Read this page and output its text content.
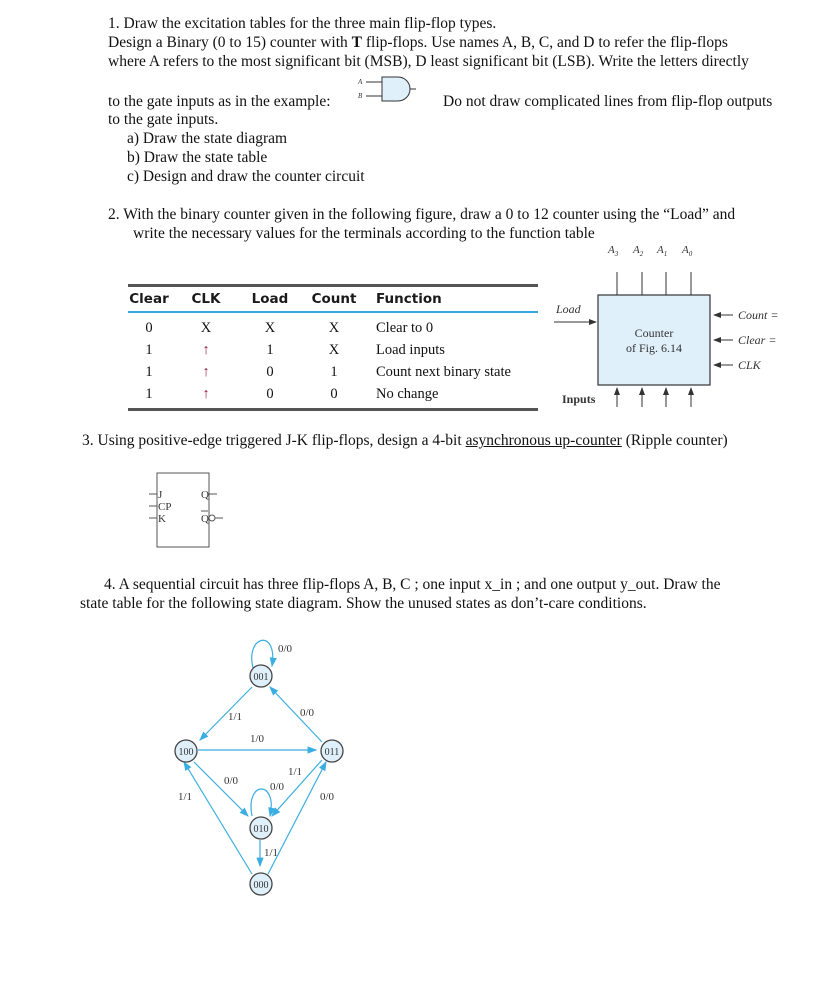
1. Draw the excitation tables for the three main flip-flop types.
Design a Binary (0 to 15) counter with T flip-flops. Use names A, B, C, and D to refer the flip-flops
where A refers to the most significant bit (MSB), D least significant bit (LSB). Write the letters directly
to the gate inputs as in the example:
A
B	Do not draw complicated lines from flip-flop outputs
to the gate inputs.
a) Draw the state diagram
b) Draw the state table
c) Design and draw the counter circuit
2. With the binary counter given in the following figure, draw a 0 to 12 counter using the “Load” and
write the necessary values for the terminals according to the function table
Clear	CLK	Load	Count	Function
0	X	X	X	Clear to 0
1	↑	1	X	Load inputs
1	↑	0	1	Count next binary state
1	↑	0	0	No change
$A_3$ $A_2$ $A_1$ $A_0$
Counter
of Fig. 6.14
Load	Count =
Clear =
CLK
Inputs
3. Using positive-edge triggered J-K flip-flops, design a 4-bit asynchronous up-counter (Ripple counter)
J
CP
K
Q
Q
4. A sequential circuit has three flip-flops A, B, C ; one input x_in ; and one output y_out. Draw the
state table for the following state diagram. Show the unused states as don’t-care conditions.
001
100	011
010
000
0/0
1/1	0/0
1/0
0/0
1/1
0/0
1/1
1/1	0/0
